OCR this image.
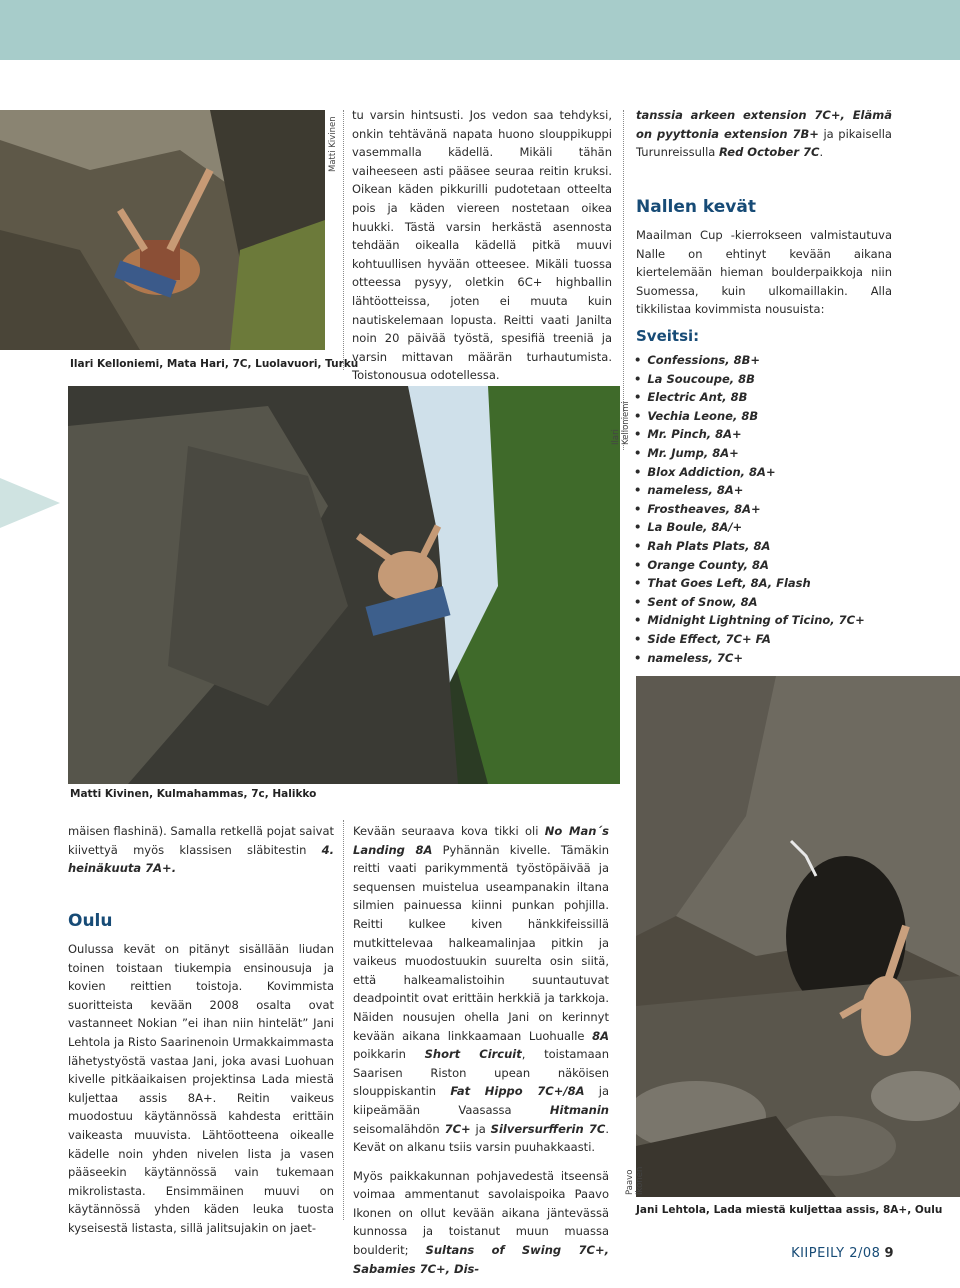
Matti Kivinen
Ilari Kelloniemi, Mata Hari, 7C, Luolavuori, Turku

tu varsin hintsusti. Jos vedon saa tehdyksi, onkin tehtävänä napata huono slouppikuppi vasemmalla kädellä. Mikäli tähän vaiheeseen asti pääsee seuraa reitin kruksi. Oikean käden pikkurilli pudotetaan otteelta pois ja käden viereen nostetaan oikea huukki. Tästä varsin herkästä asennosta tehdään oikealla kädellä pitkä muuvi kohtuullisen hyvään otteesee. Mikäli tuossa otteessa pysyy, oletkin 6C+ highballin lähtöotteissa, joten ei muuta kuin nautiskelemaan lopusta. Reitti vaati Janilta noin 20 päivää työstä, spesifiä treeniä ja varsin mittavan määrän turhautumista. Toistonousua odotellessa.

tanssia arkeen extension 7C+, Elämä on pyyttonia extension 7B+ ja pikaisella Turunreissulla Red October 7C.

Nallen kevät

Maailman Cup -kierrokseen valmistautuva Nalle on ehtinyt kevään aikana kiertelemään hieman boulderpaikkoja niin Suomessa, kuin ulkomaillakin. Alla tikkilistaa kovimmista nousuista:

Sveitsi:
• Confessions, 8B+
• La Soucoupe, 8B
• Electric Ant, 8B
• Vechia Leone, 8B
• Mr. Pinch, 8A+
• Mr. Jump, 8A+
• Blox Addiction, 8A+
• nameless, 8A+
• Frostheaves, 8A+
• La Boule, 8A/+
• Rah Plats Plats, 8A
• Orange County, 8A
• That Goes Left, 8A, Flash
• Sent of Snow, 8A
• Midnight Lightning of Ticino, 7C+
• Side Effect, 7C+ FA
• nameless, 7C+
Ilari Kelloniemi
Matti Kivinen, Kulmahammas, 7c, Halikko

mäisen flashinä). Samalla retkellä pojat saivat kiivettyä myös klassisen släbitestin 4. heinäkuuta 7A+.

Oulu

Oulussa kevät on pitänyt sisällään liudan toinen toistaan tiukempia ensinousuja ja kovien reittien toistoja. Kovimmista suoritteista kevään 2008 osalta ovat vastanneet Nokian ”ei ihan niin hintelät” Jani Lehtola ja Risto Saarinenoin Urmakkaimmasta lähetystyöstä vastaa Jani, joka avasi Luohuan kivelle pitkäaikaisen projektinsa Lada miestä kuljettaa assis 8A+. Reitin vaikeus muodostuu käytännössä kahdesta erittäin vaikeasta muuvista. Lähtöotteena oikealle kädelle noin yhden nivelen lista ja vasen pääseekin käytännössä vain tukemaan mikrolistasta. Ensimmäinen muuvi on käytännössä yhden käden leuka tuosta kyseisestä listasta, sillä jalitsujakin on jaet-

Kevään seuraava kova tikki oli No Man´s Landing 8A Pyhännän kivelle. Tämäkin reitti vaati parikymmentä työstöpäivää ja sequensen muistelua useampanakin iltana silmien painuessa kiinni punkan pohjilla. Reitti kulkee kiven hänkkifeissillä mutkittelevaa halkeamalinjaa pitkin ja vaikeus muodostuukin suurelta osin siitä, että halkeamalistoihin suuntautuvat deadpointit ovat erittäin herkkiä ja tarkkoja. Näiden nousujen ohella Jani on kerinnyt kevään aikana linkkaamaan Luohualle 8A poikkarin Short Circuit, toistamaan Saarisen Riston upean näköisen slouppiskantin Fat Hippo 7C+/8A ja kiipeämään Vaasassa Hitmanin seisomalähdön 7C+ ja Silversurfferin 7C. Kevät on alkanu tsiis varsin puuhakkaasti.

Myös paikkakunnan pohjavedestä itseensä voimaa ammentanut savolaispoika Paavo Ikonen on ollut kevään aikana jäntevässä kunnossa ja toistanut muun muassa boulderit; Sultans of Swing 7C+, Sabamies 7C+, Dis-

Paavo Ikonen
Jani Lehtola, Lada miestä kuljettaa assis, 8A+, Oulu
KIIPEILY 2/08 9
